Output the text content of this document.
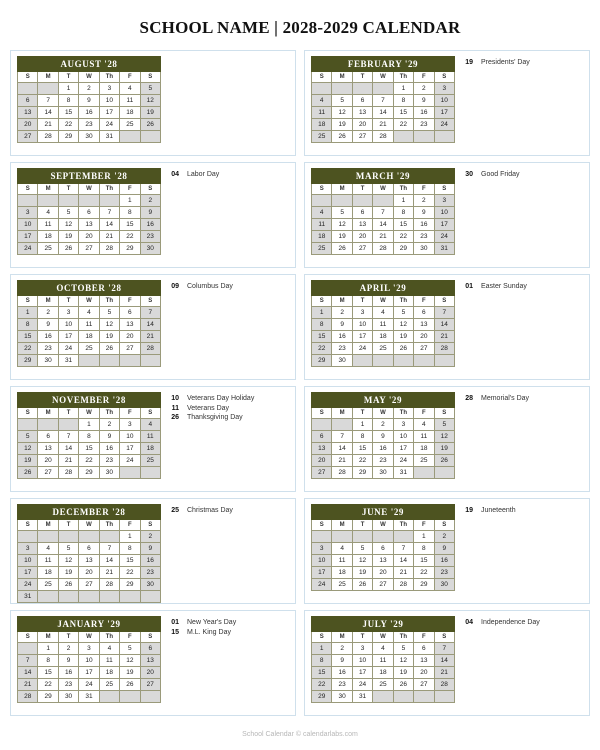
SCHOOL NAME | 2028-2029 CALENDAR
AUGUST '28						
S	M	T	W	Th	F	S
		1	2	3	4	5
6	7	8	9	10	11	12
13	14	15	16	17	18	19
20	21	22	23	24	25	26
27	28	29	30	31		
FEBRUARY '29						
S	M	T	W	Th	F	S
				1	2	3
4	5	6	7	8	9	10
11	12	13	14	15	16	17
18	19	20	21	22	23	24
25	26	27	28			
19	Presidents' Day
SEPTEMBER '28						
S	M	T	W	Th	F	S
					1	2
3	4	5	6	7	8	9
10	11	12	13	14	15	16
17	18	19	20	21	22	23
24	25	26	27	28	29	30
04	Labor Day	MARCH '29						
S	M	T	W	Th	F	S
				1	2	3
4	5	6	7	8	9	10
11	12	13	14	15	16	17
18	19	20	21	22	23	24
25	26	27	28	29	30	31
30	Good Friday
OCTOBER '28						
S	M	T	W	Th	F	S
1	2	3	4	5	6	7
8	9	10	11	12	13	14
15	16	17	18	19	20	21
22	23	24	25	26	27	28
29	30	31				
09	Columbus Day	APRIL '29						
S	M	T	W	Th	F	S
1	2	3	4	5	6	7
8	9	10	11	12	13	14
15	16	17	18	19	20	21
22	23	24	25	26	27	28
29	30					
01	Easter Sunday
NOVEMBER '28						
S	M	T	W	Th	F	S
			1	2	3	4
5	6	7	8	9	10	11
12	13	14	15	16	17	18
19	20	21	22	23	24	25
26	27	28	29	30		
10	Veterans Day Holiday
11	Veterans Day
26	Thanksgiving Day
MAY '29						
S	M	T	W	Th	F	S
		1	2	3	4	5
6	7	8	9	10	11	12
13	14	15	16	17	18	19
20	21	22	23	24	25	26
27	28	29	30	31		
28	Memorial's Day
DECEMBER '28						
S	M	T	W	Th	F	S
					1	2
3	4	5	6	7	8	9
10	11	12	13	14	15	16
17	18	19	20	21	22	23
24	25	26	27	28	29	30
31						
25	Christmas Day	JUNE '29						
S	M	T	W	Th	F	S
					1	2
3	4	5	6	7	8	9
10	11	12	13	14	15	16
17	18	19	20	21	22	23
24	25	26	27	28	29	30
19	Juneteenth
JANUARY '29						
S	M	T	W	Th	F	S
	1	2	3	4	5	6
7	8	9	10	11	12	13
14	15	16	17	18	19	20
21	22	23	24	25	26	27
28	29	30	31			
01	New Year's Day
15	M.L. King Day
JULY '29						
S	M	T	W	Th	F	S
1	2	3	4	5	6	7
8	9	10	11	12	13	14
15	16	17	18	19	20	21
22	23	24	25	26	27	28
29	30	31				
04	Independence Day
School Calendar © calendarlabs.com
